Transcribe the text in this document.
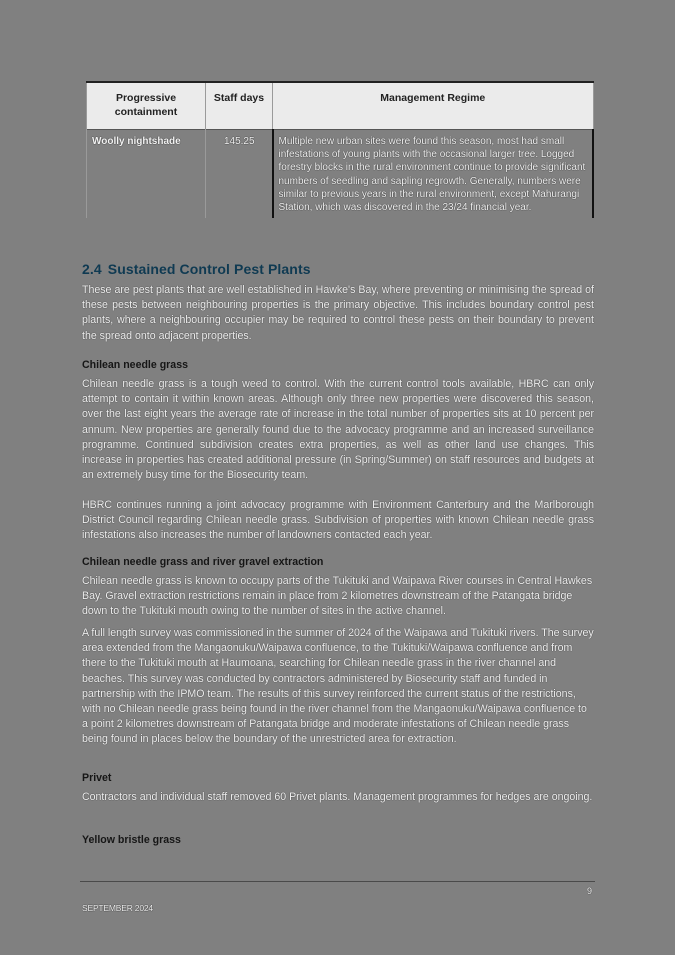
Progressive containment	Staff days	Management Regime
Woolly nightshade	145.25	Multiple new urban sites were found this season, most had small infestations of young plants with the occasional larger tree. Logged forestry blocks in the rural environment continue to provide significant numbers of seedling and sapling regrowth. Generally, numbers were similar to previous years in the rural environment, except Mahurangi Station, which was discovered in the 23/24 financial year.
2.4 Sustained Control Pest Plants

These are pest plants that are well established in Hawke's Bay, where preventing or minimising the spread of these pests between neighbouring properties is the primary objective. This includes boundary control pest plants, where a neighbouring occupier may be required to control these pests on their boundary to prevent the spread onto adjacent properties.

Chilean needle grass

Chilean needle grass is a tough weed to control. With the current control tools available, HBRC can only attempt to contain it within known areas. Although only three new properties were discovered this season, over the last eight years the average rate of increase in the total number of properties sits at 10 percent per annum. New properties are generally found due to the advocacy programme and an increased surveillance programme. Continued subdivision creates extra properties, as well as other land use changes. This increase in properties has created additional pressure (in Spring/Summer) on staff resources and budgets at an extremely busy time for the Biosecurity team.

HBRC continues running a joint advocacy programme with Environment Canterbury and the Marlborough District Council regarding Chilean needle grass. Subdivision of properties with known Chilean needle grass infestations also increases the number of landowners contacted each year.

Chilean needle grass and river gravel extraction

Chilean needle grass is known to occupy parts of the Tukituki and Waipawa River courses in Central Hawkes Bay. Gravel extraction restrictions remain in place from 2 kilometres downstream of the Patangata bridge down to the Tukituki mouth owing to the number of sites in the active channel.

A full length survey was commissioned in the summer of 2024 of the Waipawa and Tukituki rivers. The survey area extended from the Mangaonuku/Waipawa confluence, to the Tukituki/Waipawa confluence and from there to the Tukituki mouth at Haumoana, searching for Chilean needle grass in the river channel and beaches. This survey was conducted by contractors administered by Biosecurity staff and funded in partnership with the IPMO team. The results of this survey reinforced the current status of the restrictions, with no Chilean needle grass being found in the river channel from the Mangaonuku/Waipawa confluence to a point 2 kilometres downstream of Patangata bridge and moderate infestations of Chilean needle grass being found in places below the boundary of the unrestricted area for extraction.

Privet

Contractors and individual staff removed 60 Privet plants. Management programmes for hedges are ongoing.

Yellow bristle grass

9
SEPTEMBER 2024
